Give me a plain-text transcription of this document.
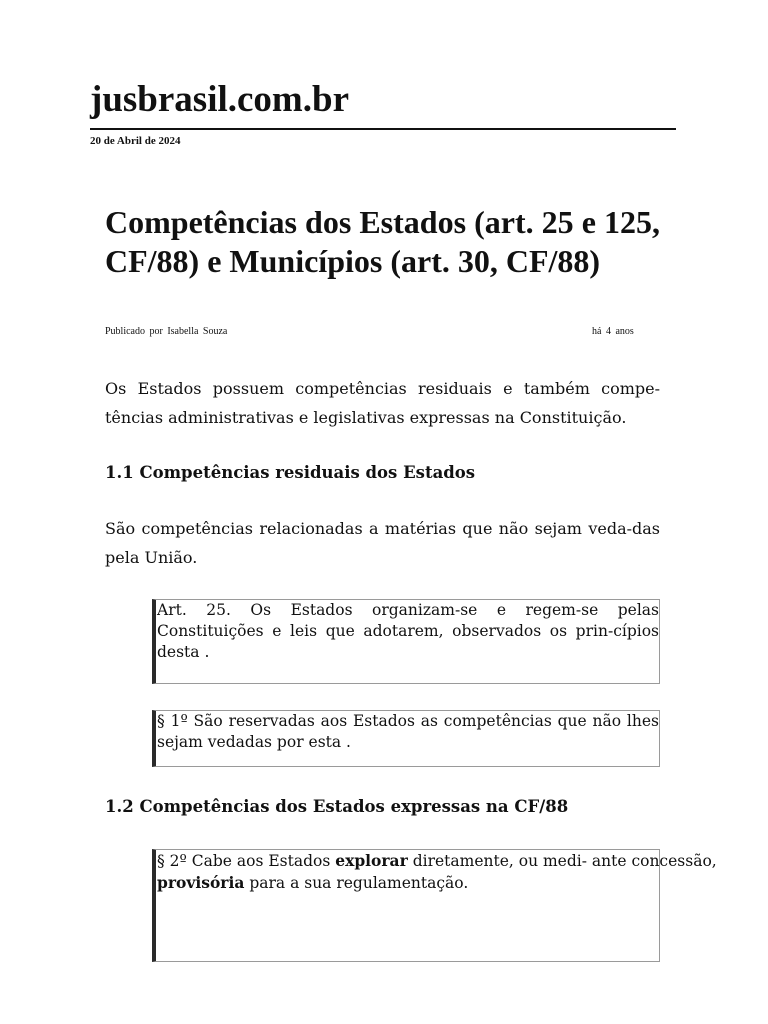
jusbrasil.com.br
20 de Abril de 2024
Competências dos Estados (art. 25 e 125, CF/88) e Municípios (art. 30, CF/88)
Publicado por Isabella Souza	há 4 anos

Os Estados possuem competências residuais e também compe-tências administrativas e legislativas expressas na Constituição.

1.1 Competências residuais dos Estados

São competências relacionadas a matérias que não sejam veda-das pela União.

Art. 25. Os Estados organizam-se e regem-se pelas Constituições e leis que adotarem, observados os prin-cípios desta .
§ 1º São reservadas aos Estados as competências que não lhes sejam vedadas por esta .
1.2 Competências dos Estados expressas na CF/88
§ 2º Cabe aos Estados explorar diretamente, ou medi- ante concessão,
provisória para a sua regulamentação.
